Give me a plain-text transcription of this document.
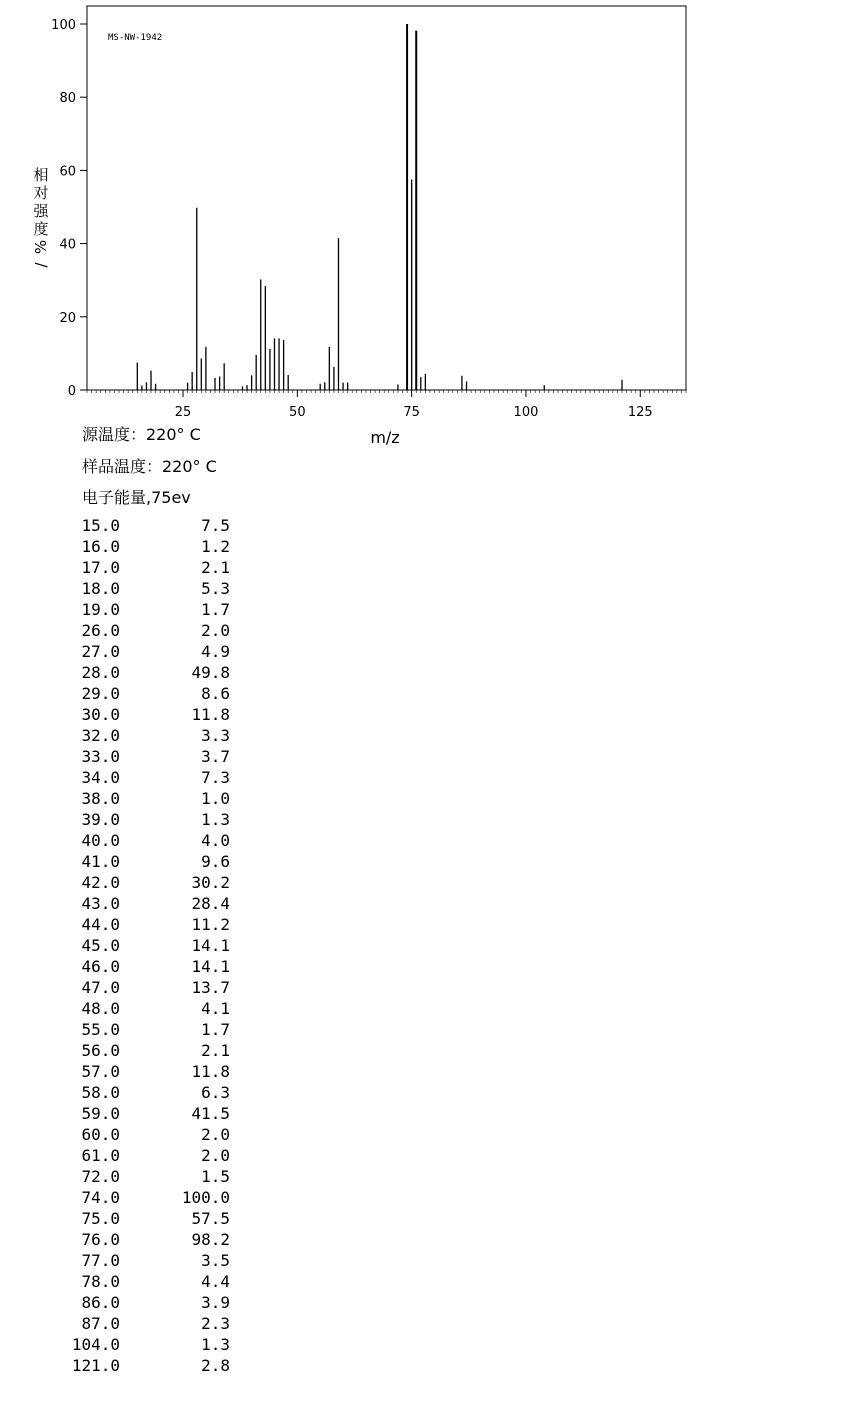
25	50	75	100	125
0
20
40
60
80
100
MS-NW-1942
m/z
相
对
强
度
%
/
源温度：220° C
样品温度：220° C
电子能量,75ev
15.0	7.5
16.0	1.2
17.0	2.1
18.0	5.3
19.0	1.7
26.0	2.0
27.0	4.9
28.0	49.8
29.0	8.6
30.0	11.8
32.0	3.3
33.0	3.7
34.0	7.3
38.0	1.0
39.0	1.3
40.0	4.0
41.0	9.6
42.0	30.2
43.0	28.4
44.0	11.2
45.0	14.1
46.0	14.1
47.0	13.7
48.0	4.1
55.0	1.7
56.0	2.1
57.0	11.8
58.0	6.3
59.0	41.5
60.0	2.0
61.0	2.0
72.0	1.5
74.0	100.0
75.0	57.5
76.0	98.2
77.0	3.5
78.0	4.4
86.0	3.9
87.0	2.3
104.0	1.3
121.0	2.8
